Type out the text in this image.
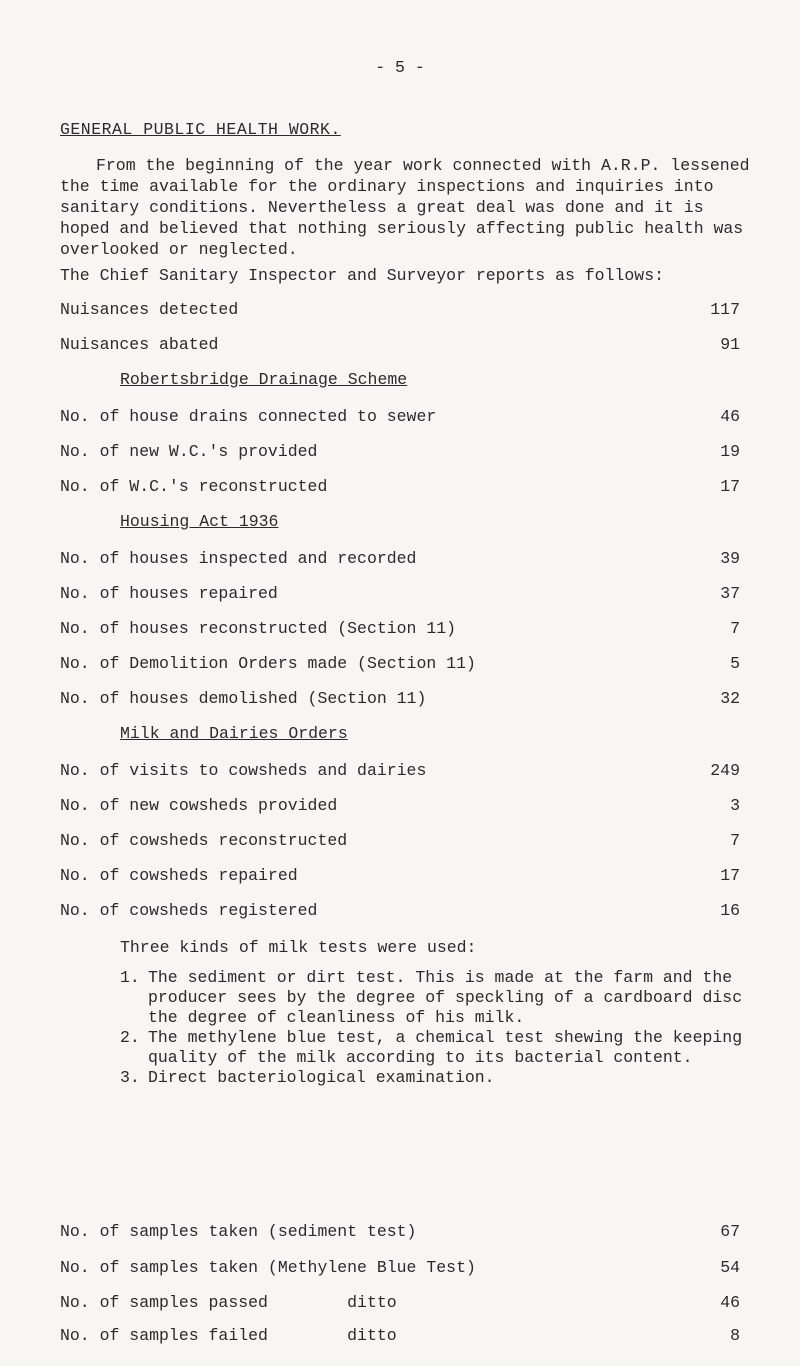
- 5 -
GENERAL PUBLIC HEALTH WORK.
From the beginning of the year work connected with A.R.P. lessened the time available for the ordinary inspections and inquiries into sanitary conditions. Nevertheless a great deal was done and it is hoped and believed that nothing seriously affecting public health was overlooked or neglected.
The Chief Sanitary Inspector and Surveyor reports as follows:
Nuisances detected	117
Nuisances abated	91
Robertsbridge Drainage Scheme
No. of house drains connected to sewer	46
No. of new W.C.'s provided	19
No. of W.C.'s reconstructed	17
Housing Act 1936
No. of houses inspected and recorded	39
No. of houses repaired	37
No. of houses reconstructed (Section 11)	7
No. of Demolition Orders made (Section 11)	5
No. of houses demolished (Section 11)	32
Milk and Dairies Orders
No. of visits to cowsheds and dairies	249
No. of new cowsheds provided	3
No. of cowsheds reconstructed	7
No. of cowsheds repaired	17
No. of cowsheds registered	16
Three kinds of milk tests were used:
1. The sediment or dirt test. This is made at the farm and the producer sees by the degree of speckling of a cardboard disc the degree of cleanliness of his milk.
2. The methylene blue test, a chemical test shewing the keeping quality of the milk according to its bacterial content.
3. Direct bacteriological examination.
No. of samples taken (sediment test)	67
No. of samples taken (Methylene Blue Test)	54
No. of samples passed        ditto	46
No. of samples failed        ditto	8
